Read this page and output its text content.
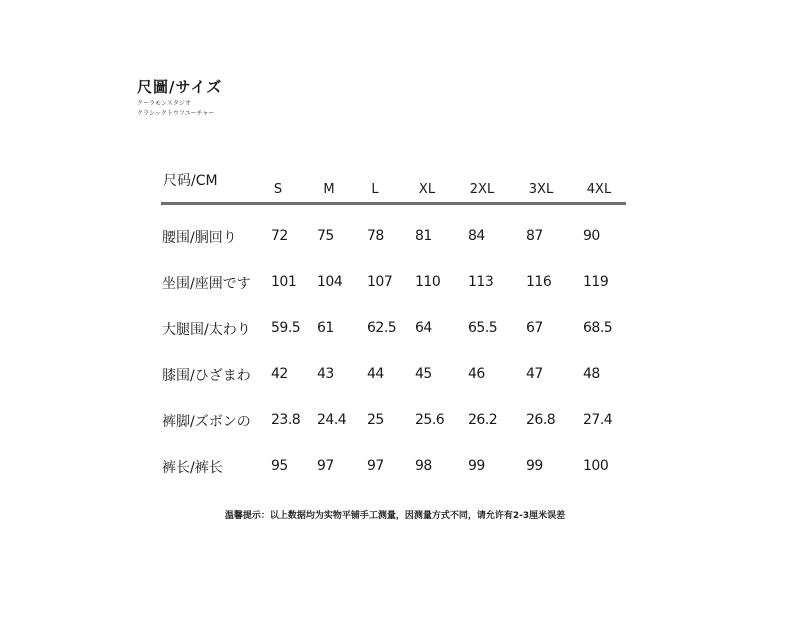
尺圖/サイズ
クーラモンスタジオ
クラシックトウフユーチャー
尺码/CM
S	M	L	XL	2XL	3XL	4XL
腰围/胴回り 72 75 78 81	84	87	90
坐围/座囲です 101 104 107 110 113 116 119
大腿围/太わり 59.5 61 62.5 64	65.5 67	68.5
膝围/ひざまわ 42 43 44 45	46	47	48
裤脚/ズボンの 23.8 24.4 25 25.6 26.2 26.8 27.4
裤长/裤长	95 97 97 98	99	99	100
温馨提示：以上数据均为实物平铺手工测量，因测量方式不同，请允许有2-3厘米误差
